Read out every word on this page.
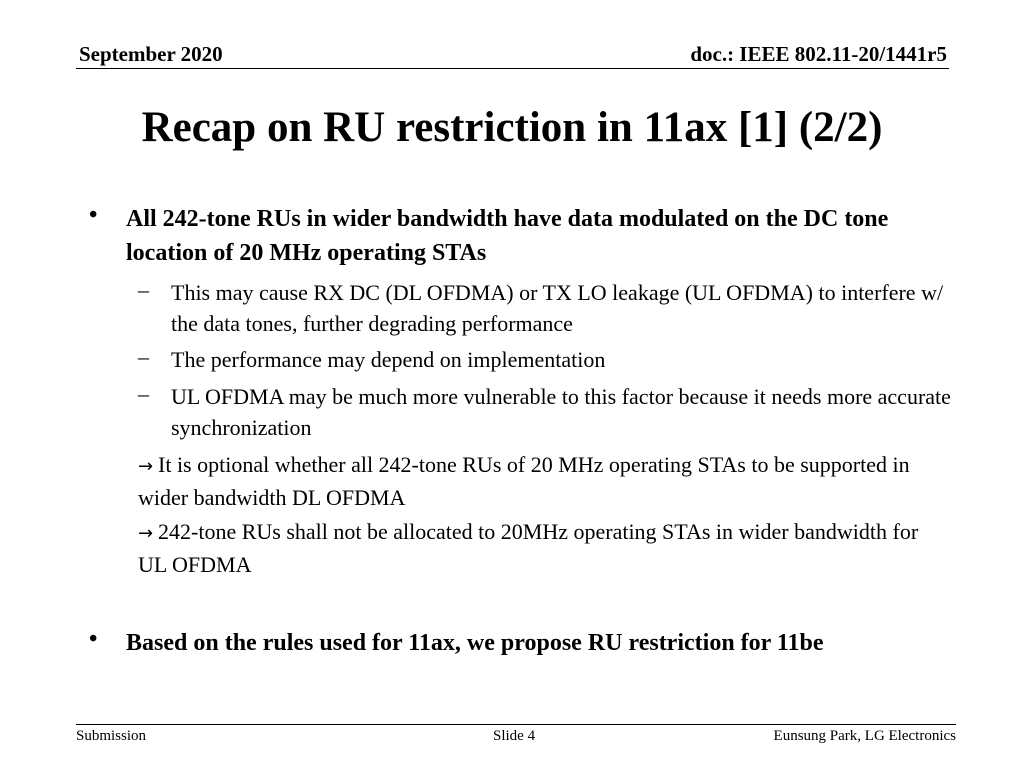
September 2020	doc.: IEEE 802.11-20/1441r5
Recap on RU restriction in 11ax [1] (2/2)
• All 242-tone RUs in wider bandwidth have data modulated on the DC tone location of 20 MHz operating STAs
– This may cause RX DC (DL OFDMA) or TX LO leakage (UL OFDMA) to interfere w/ the data tones, further degrading performance
– The performance may depend on implementation
– UL OFDMA may be much more vulnerable to this factor because it needs more accurate synchronization
→ It is optional whether all 242-tone RUs of 20 MHz operating STAs to be supported in wider bandwidth DL OFDMA
→ 242-tone RUs shall not be allocated to 20MHz operating STAs in wider bandwidth for UL OFDMA
• Based on the rules used for 11ax, we propose RU restriction for 11be
Submission	Slide 4	Eunsung Park, LG Electronics
